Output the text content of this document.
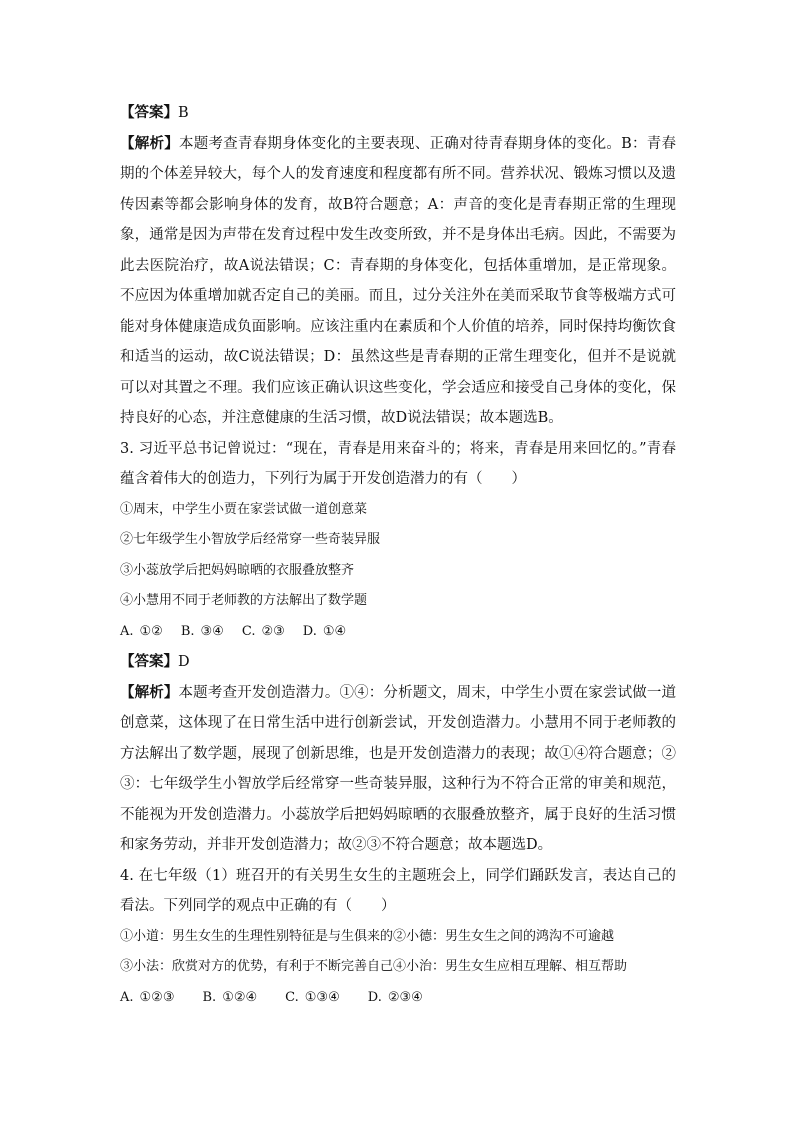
【答案】B

【解析】本题考查青春期身体变化的主要表现、正确对待青春期身体的变化。B：青春期的个体差异较大，每个人的发育速度和程度都有所不同。营养状况、锻炼习惯以及遗传因素等都会影响身体的发育，故B符合题意；A：声音的变化是青春期正常的生理现象，通常是因为声带在发育过程中发生改变所致，并不是身体出毛病。因此，不需要为此去医院治疗，故A说法错误；C：青春期的身体变化，包括体重增加，是正常现象。不应因为体重增加就否定自己的美丽。而且，过分关注外在美而采取节食等极端方式可能对身体健康造成负面影响。应该注重内在素质和个人价值的培养，同时保持均衡饮食和适当的运动，故C说法错误；D：虽然这些是青春期的正常生理变化，但并不是说就可以对其置之不理。我们应该正确认识这些变化，学会适应和接受自己身体的变化，保持良好的心态，并注意健康的生活习惯，故D说法错误；故本题选B。

3. 习近平总书记曾说过：“现在，青春是用来奋斗的；将来，青春是用来回忆的。”青春蕴含着伟大的创造力，下列行为属于开发创造潜力的有（　　）

①周末，中学生小贾在家尝试做一道创意菜

②七年级学生小智放学后经常穿一些奇装异服

③小蕊放学后把妈妈晾晒的衣服叠放整齐

④小慧用不同于老师教的方法解出了数学题

A. ①② B. ③④ C. ②③ D. ①④

【答案】D

【解析】本题考查开发创造潜力。①④：分析题文，周末，中学生小贾在家尝试做一道创意菜，这体现了在日常生活中进行创新尝试，开发创造潜力。小慧用不同于老师教的方法解出了数学题，展现了创新思维，也是开发创造潜力的表现；故①④符合题意；②③：七年级学生小智放学后经常穿一些奇装异服，这种行为不符合正常的审美和规范，不能视为开发创造潜力。小蕊放学后把妈妈晾晒的衣服叠放整齐，属于良好的生活习惯和家务劳动，并非开发创造潜力；故②③不符合题意；故本题选D。

4. 在七年级（1）班召开的有关男生女生的主题班会上，同学们踊跃发言，表达自己的看法。下列同学的观点中正确的有（　　）

①小道：男生女生的生理性别特征是与生俱来的②小德：男生女生之间的鸿沟不可逾越

③小法：欣赏对方的优势，有利于不断完善自己④小治：男生女生应相互理解、相互帮助

A. ①②③ B. ①②④ C. ①③④ D. ②③④
